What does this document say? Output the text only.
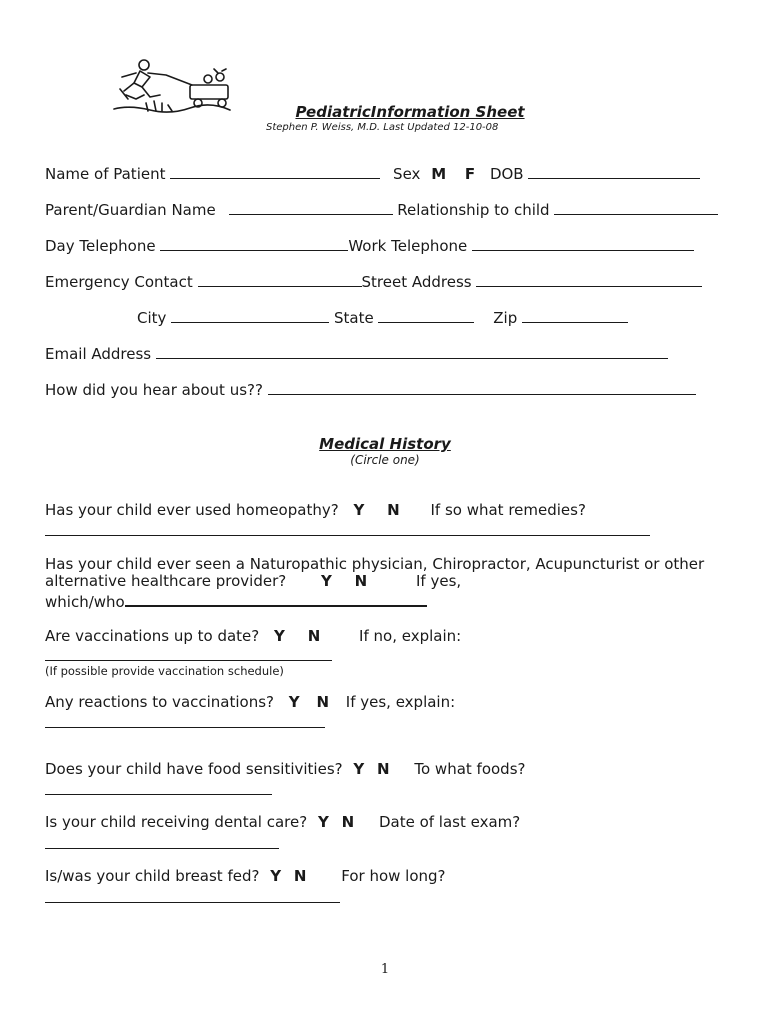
PediatricInformation Sheet
Stephen P. Weiss, M.D. Last Updated 12-10-08
Name of Patient	Sex M F DOB
Parent/Guardian Name	Relationship to child
Day Telephone	Work Telephone
Emergency Contact	Street Address
City	State	Zip
Email Address
How did you hear about us??
Medical History
(Circle one)
Has your child ever used homeopathy? Y N If so what remedies?
Has your child ever seen a Naturopathic physician, Chiropractor, Acupuncturist or other
alternative healthcare provider? Y N	If yes,
which/who
Are vaccinations up to date? Y N	If no, explain:
(If possible provide vaccination schedule)
Any reactions to vaccinations? Y N If yes, explain:
Does your child have food sensitivities? Y N To what foods?
Is your child receiving dental care? Y N Date of last exam?
Is/was your child breast fed? Y N For how long?
1
